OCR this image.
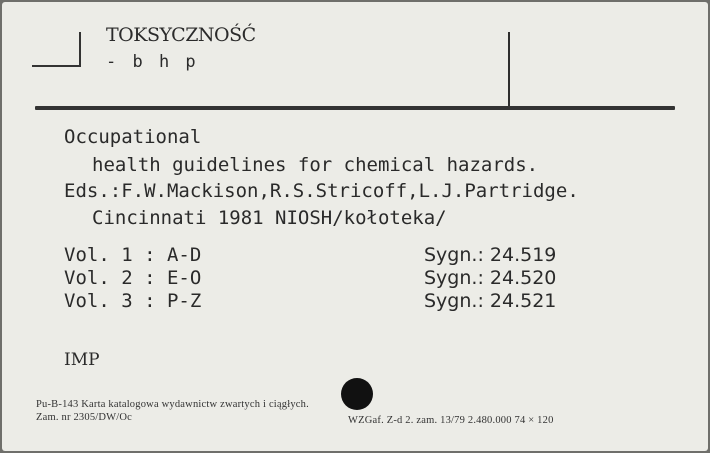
TOKSYCZNOŚĆ
- b h p
Occupational
health guidelines for chemical hazards.
Eds.:F.W.Mackison,R.S.Stricoff,L.J.Partridge.
Cincinnati 1981 NIOSH/kołoteka/
Vol. 1 : A-D
Vol. 2 : E-O
Vol. 3 : P-Z
Sygn.: 24.519
Sygn.: 24.520
Sygn.: 24.521
IMP
Pu-B-143 Karta katalogowa wydawnictw zwartych i ciągłych.
Zam. nr 2305/DW/Oc	WZGaf. Z-d 2. zam. 13/79 2.480.000 74 × 120
